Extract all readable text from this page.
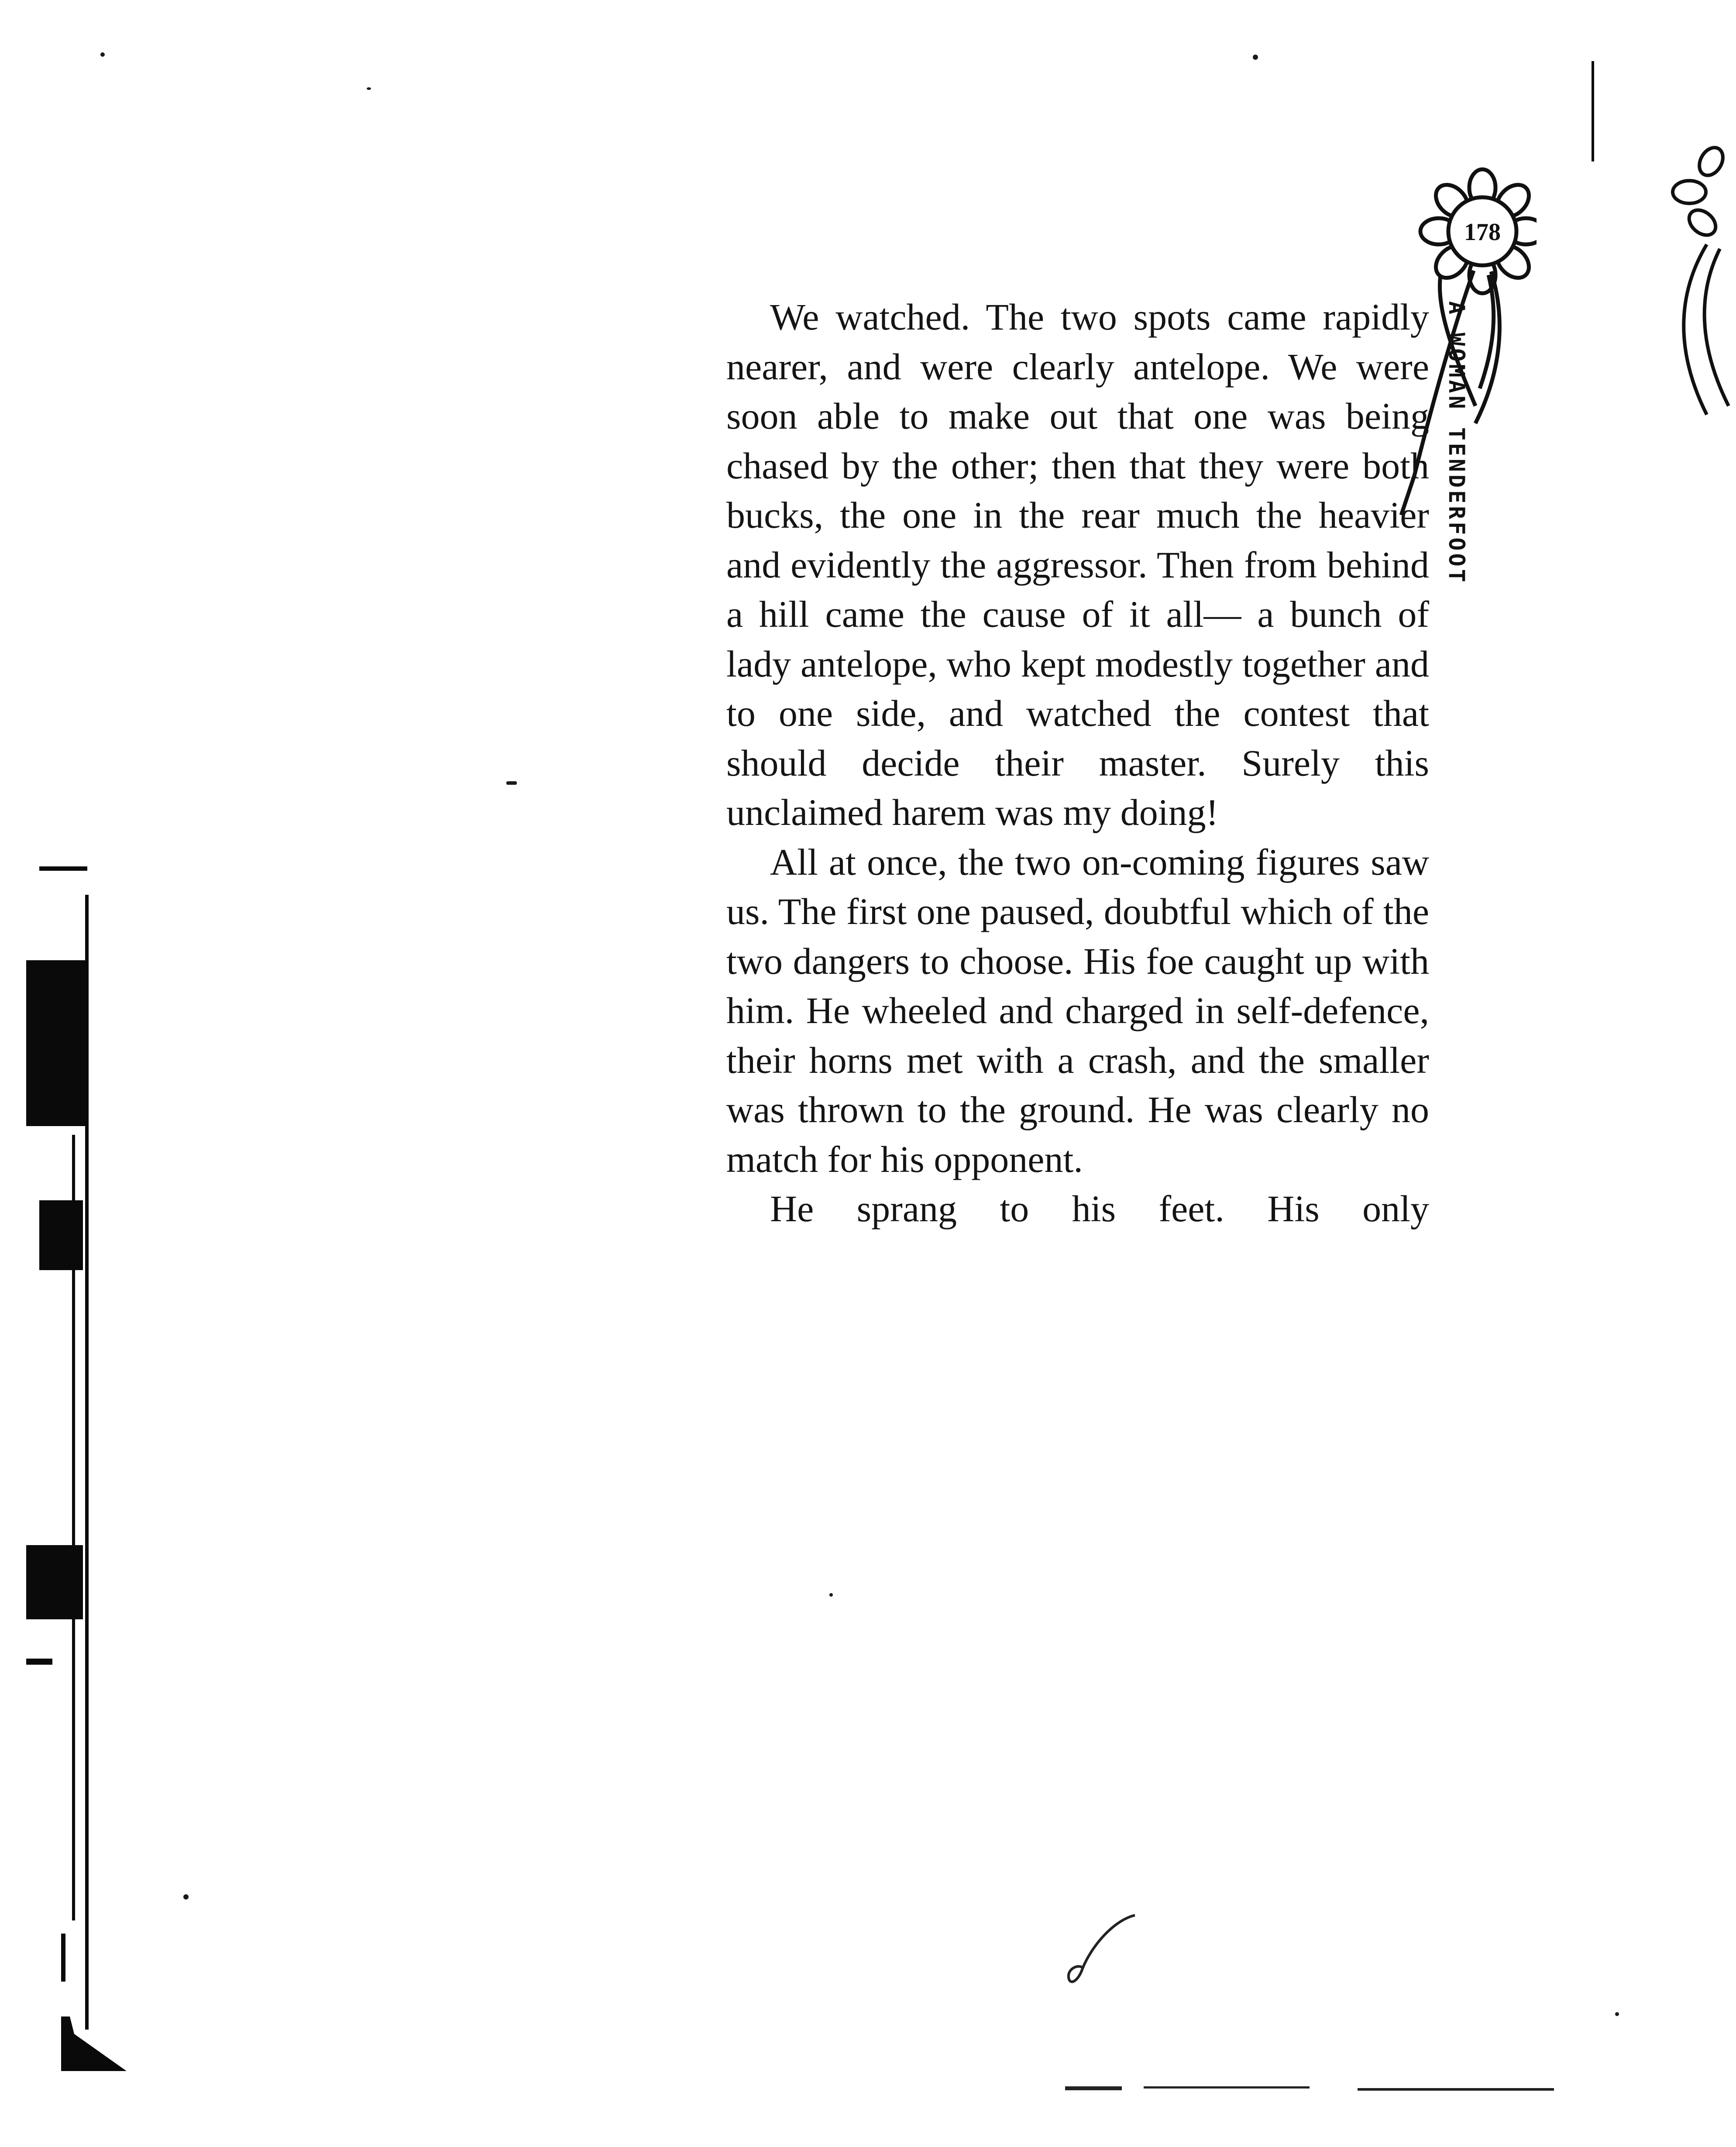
178
A WOMAN TENDERFOOT

We watched. The two spots came rapidly nearer, and were clearly antelope. We were soon able to make out that one was being chased by the other; then that they were both bucks, the one in the rear much the heavier and evidently the aggressor. Then from behind a hill came the cause of it all— a bunch of lady antelope, who kept modestly together and to one side, and watched the contest that should decide their master. Surely this unclaimed harem was my doing!

All at once, the two on-coming figures saw us. The first one paused, doubtful which of the two dangers to choose. His foe caught up with him. He wheeled and charged in self-defence, their horns met with a crash, and the smaller was thrown to the ground. He was clearly no match for his opponent.

He sprang to his feet. His only
